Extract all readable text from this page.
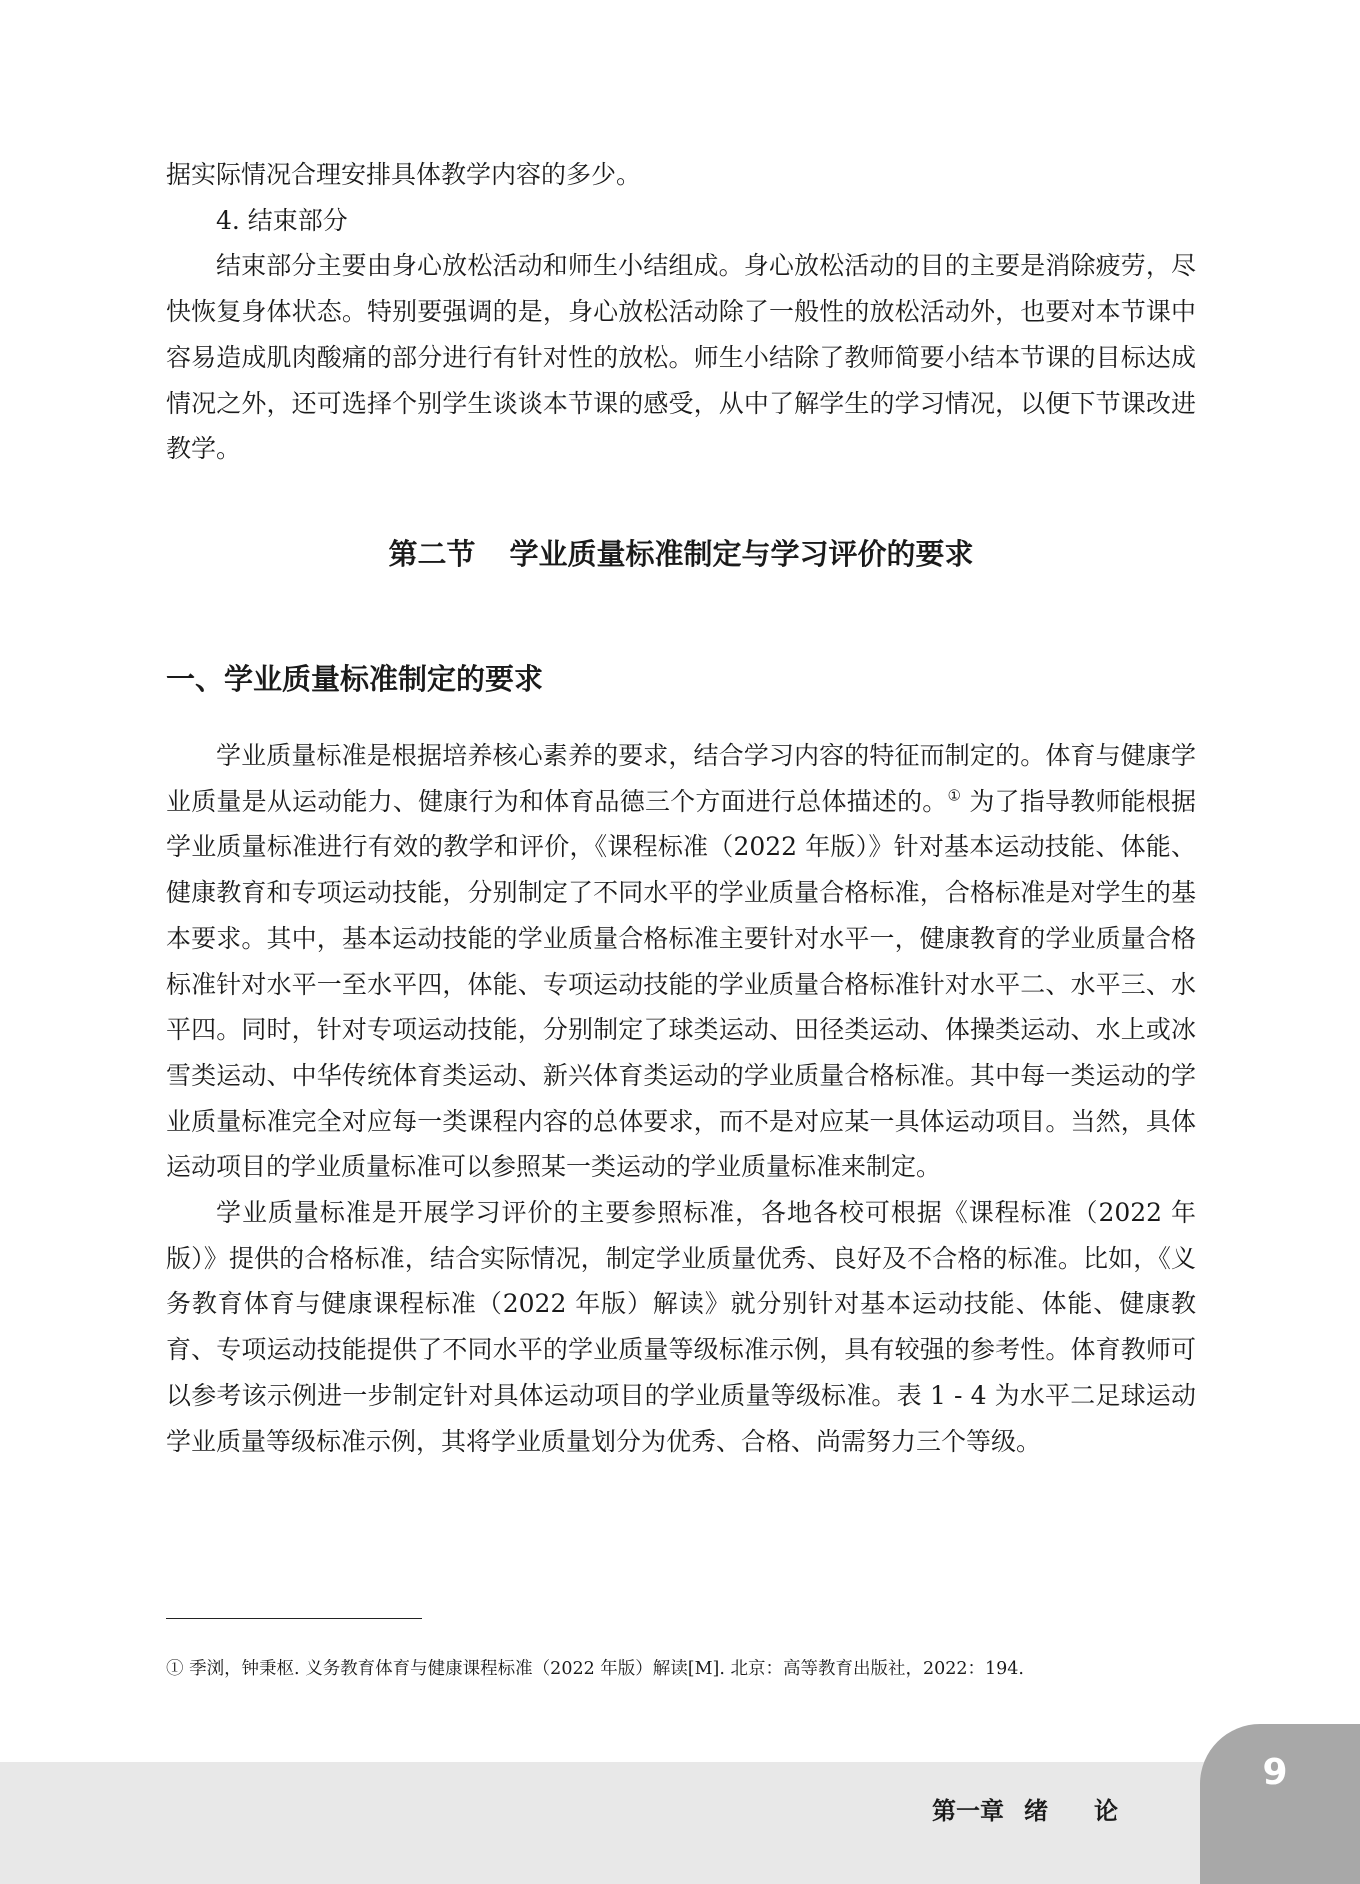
据实际情况合理安排具体教学内容的多少。

4. 结束部分

结束部分主要由身心放松活动和师生小结组成。身心放松活动的目的主要是消除疲劳，尽快恢复身体状态。特别要强调的是，身心放松活动除了一般性的放松活动外，也要对本节课中容易造成肌肉酸痛的部分进行有针对性的放松。师生小结除了教师简要小结本节课的目标达成情况之外，还可选择个别学生谈谈本节课的感受，从中了解学生的学习情况，以便下节课改进教学。

第二节 学业质量标准制定与学习评价的要求
一、学业质量标准制定的要求

学业质量标准是根据培养核心素养的要求，结合学习内容的特征而制定的。体育与健康学业质量是从运动能力、健康行为和体育品德三个方面进行总体描述的。① 为了指导教师能根据学业质量标准进行有效的教学和评价，《课程标准（2022 年版）》针对基本运动技能、体能、健康教育和专项运动技能，分别制定了不同水平的学业质量合格标准，合格标准是对学生的基本要求。其中，基本运动技能的学业质量合格标准主要针对水平一，健康教育的学业质量合格标准针对水平一至水平四，体能、专项运动技能的学业质量合格标准针对水平二、水平三、水平四。同时，针对专项运动技能，分别制定了球类运动、田径类运动、体操类运动、水上或冰雪类运动、中华传统体育类运动、新兴体育类运动的学业质量合格标准。其中每一类运动的学业质量标准完全对应每一类课程内容的总体要求，而不是对应某一具体运动项目。当然，具体运动项目的学业质量标准可以参照某一类运动的学业质量标准来制定。

学业质量标准是开展学习评价的主要参照标准，各地各校可根据《课程标准（2022 年版）》提供的合格标准，结合实际情况，制定学业质量优秀、良好及不合格的标准。比如，《义务教育体育与健康课程标准（2022 年版）解读》就分别针对基本运动技能、体能、健康教育、专项运动技能提供了不同水平的学业质量等级标准示例，具有较强的参考性。体育教师可以参考该示例进一步制定针对具体运动项目的学业质量等级标准。表 1 - 4 为水平二足球运动学业质量等级标准示例，其将学业质量划分为优秀、合格、尚需努力三个等级。

① 季浏，钟秉枢. 义务教育体育与健康课程标准（2022 年版）解读[M]. 北京：高等教育出版社，2022：194.

第一章 绪 论

9
